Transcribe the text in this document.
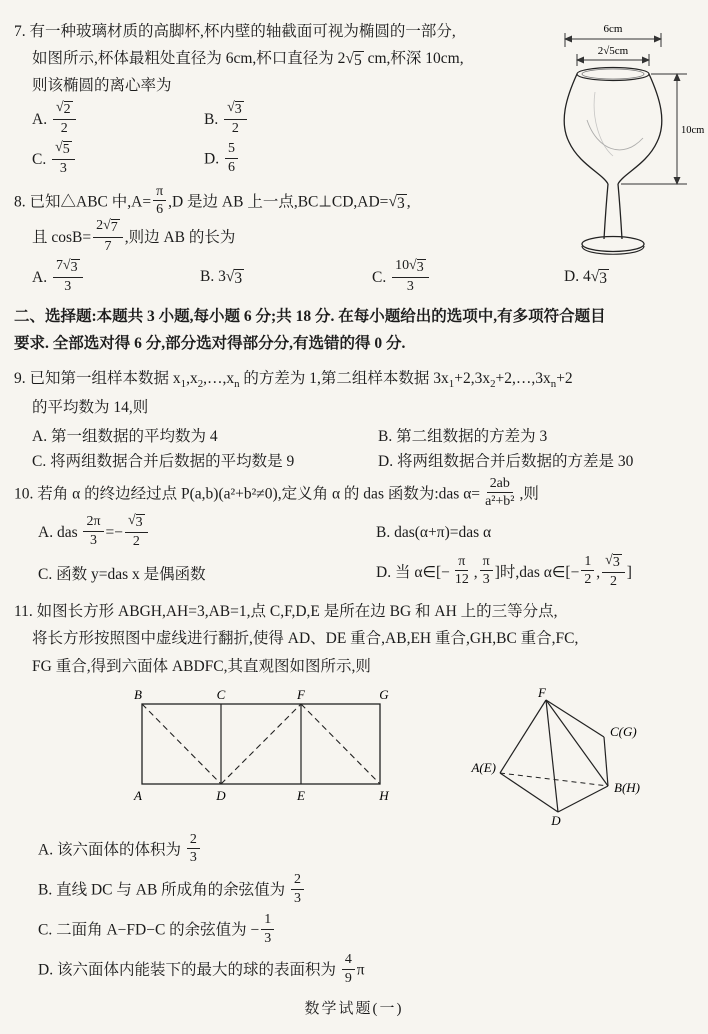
7. 有一种玻璃材质的高脚杯,杯内壁的轴截面可视为椭圆的一部分,
如图所示,杯体最粗处直径为 6cm,杯口直径为 2 √ 5 cm,杯深 10cm,
则该椭圆的离心率为
A. $\frac{√ 2}{2}$	B. $\frac{√ 3}{2}$
C. $\frac{√ 5}{3}$	D. $\frac{5}{6}$
8. 已知△ABC 中$,A= \frac{\pi}{6} ,D$ 是边 AB 上一点,BC⊥CD,AD= √ 3 ,
且 $\cos B= \frac{2 √ 7}{7}$ ,则边 AB 的长为
A. $\frac{7 √ 3}{3}$	B. 3 √ 3	C. $\frac{10 √ 3}{3}$	D. 4 √ 3
二、选择题:本题共 3 小题,每小题 6 分;共 18 分. 在每小题给出的选项中,有多项符合题目
要求. 全部选对得 6 分,部分选对得部分分,有选错的得 0 分.
9. 已知第一组样本数据 $x_1,x_2,\dots,x_n$ 的方差为 1,第二组样本数据 $3x_1+2,3x_2+2,\dots,3x_n+2$
的平均数为 14,则
A. 第一组数据的平均数为 4	B. 第二组数据的方差为 3
C. 将两组数据合并后数据的平均数是 9	D. 将两组数据合并后数据的方差是 30
10. 若角 α 的终边经过点 P(a,b)(a²+b²≠0),定义角 α 的 das 函数为:das $\alpha= \frac{2ab}{\text{a²+b²}}$ ,则
A. das $\frac{2\pi}{3} =- \frac{√ 3}{2}$	B. das(α+π)=das α
C. 函数 y=das x 是偶函数	D. 当 α∈[− $\frac{\pi}{12}$ , $\frac{\pi}{3}$ ]时,das α∈[− $\frac{1}{2}$ , $\frac{√ 3}{2}$ ]
11. 如图长方形 ABGH,AH=3,AB=1,点 C,F,D,E 是所在边 BG 和 AH 上的三等分点,
将长方形按照图中虚线进行翻折,使得 AD、DE 重合,AB,EH 重合,GH,BC 重合,FC,
FG 重合,得到六面体 ABDFC,其直观图如图所示,则
B	C	F	G
A	D	E	H
F
C(G)
B(H)
A(E)
D
A. 该六面体的体积为 $\frac{2}{3}$
B. 直线 DC 与 AB 所成角的余弦值为 $\frac{2}{3}$
C. 二面角 A−FD−C 的余弦值为 − $\frac{1}{3}$
D. 该六面体内能装下的最大的球的表面积为 $\frac{4}{9}$ π
6cm
2√5cm
10cm
数学试题(一)
